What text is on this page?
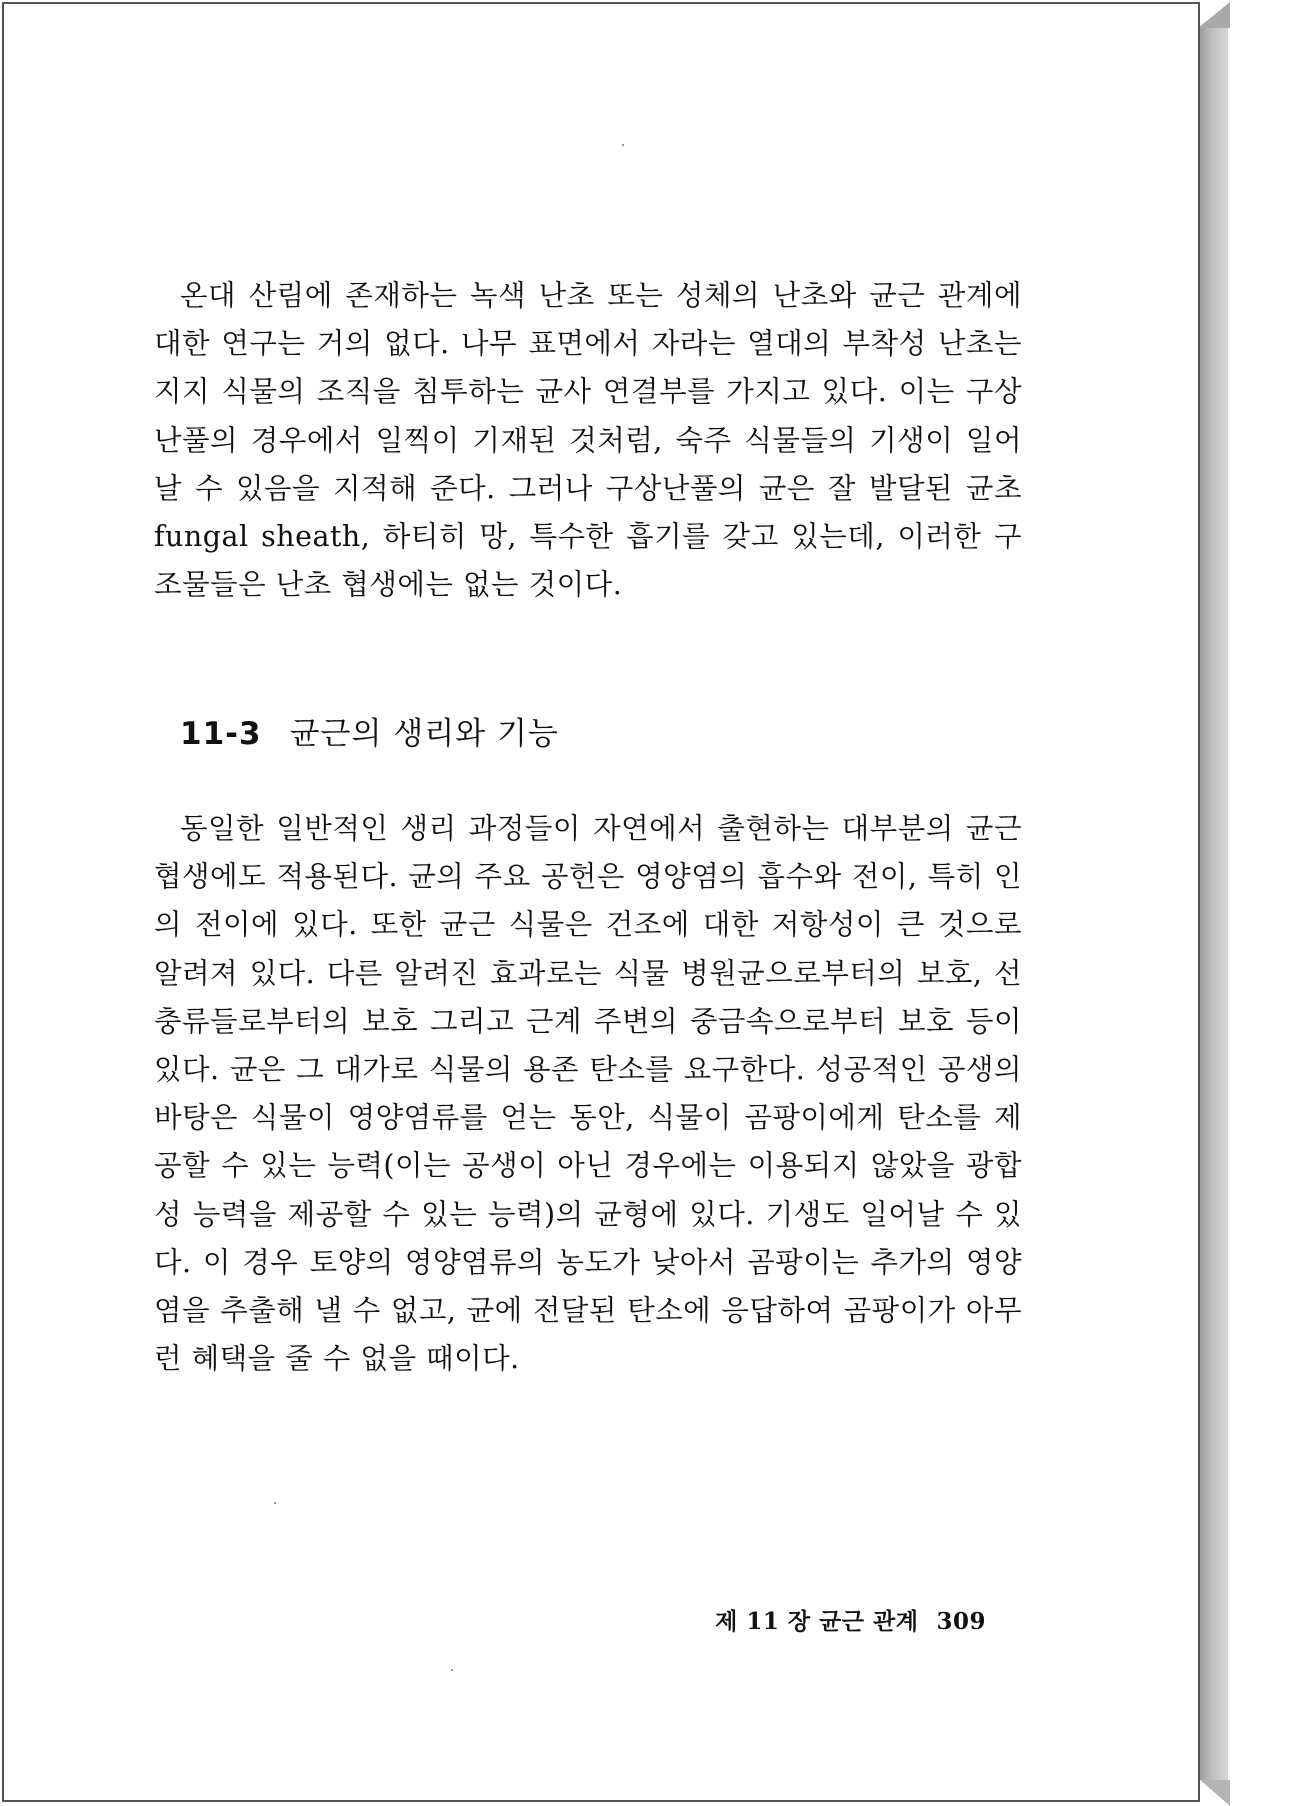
온대 산림에 존재하는 녹색 난초 또는 성체의 난초와 균근 관계에 대한 연구는 거의 없다. 나무 표면에서 자라는 열대의 부착성 난초는 지지 식물의 조직을 침투하는 균사 연결부를 가지고 있다. 이는 구상난풀의 경우에서 일찍이 기재된 것처럼, 숙주 식물들의 기생이 일어날 수 있음을 지적해 준다. 그러나 구상난풀의 균은 잘 발달된 균초 fungal sheath, 하티히 망, 특수한 흡기를 갖고 있는데, 이러한 구조물들은 난초 협생에는 없는 것이다.

11-3 균근의 생리와 기능

동일한 일반적인 생리 과정들이 자연에서 출현하는 대부분의 균근 협생에도 적용된다. 균의 주요 공헌은 영양염의 흡수와 전이, 특히 인의 전이에 있다. 또한 균근 식물은 건조에 대한 저항성이 큰 것으로 알려져 있다. 다른 알려진 효과로는 식물 병원균으로부터의 보호, 선충류들로부터의 보호 그리고 근계 주변의 중금속으로부터 보호 등이 있다. 균은 그 대가로 식물의 용존 탄소를 요구한다. 성공적인 공생의 바탕은 식물이 영양염류를 얻는 동안, 식물이 곰팡이에게 탄소를 제공할 수 있는 능력(이는 공생이 아닌 경우에는 이용되지 않았을 광합성 능력을 제공할 수 있는 능력)의 균형에 있다. 기생도 일어날 수 있다. 이 경우 토양의 영양염류의 농도가 낮아서 곰팡이는 추가의 영양염을 추출해 낼 수 없고, 균에 전달된 탄소에 응답하여 곰팡이가 아무런 혜택을 줄 수 없을 때이다.

제 11 장 균근 관계 309
